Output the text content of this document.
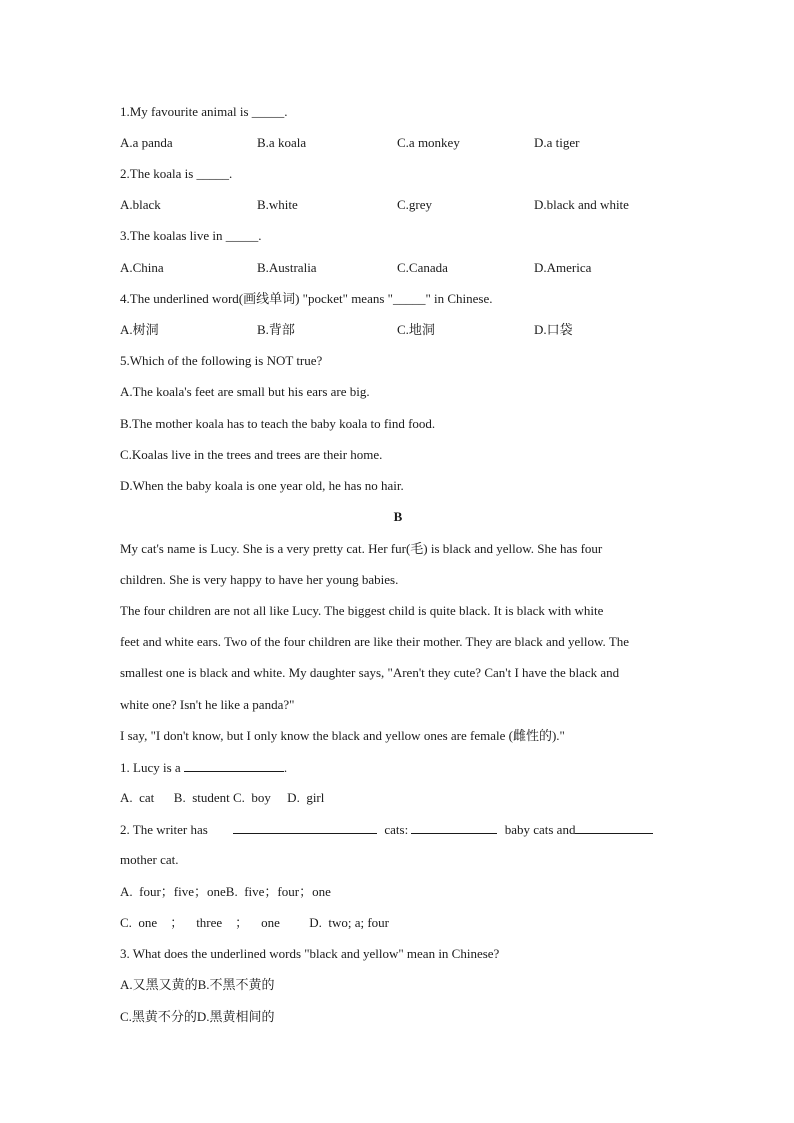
1.My favourite animal is _____.
A.a panda	B.a koala	C.a monkey	D.a tiger
2.The koala is _____.
A.black	B.white	C.grey	D.black and white
3.The koalas live in _____.
A.China	B.Australia	C.Canada	D.America
4.The underlined word(画线单词) "pocket" means "_____" in Chinese.
A.树洞	B.背部	C.地洞	D.口袋
5.Which of the following is NOT true?
A.The koala's feet are small but his ears are big.
B.The mother koala has to teach the baby koala to find food.
C.Koalas live in the trees and trees are their home.
D.When the baby koala is one year old, he has no hair.
B
My cat's name is Lucy. She is a very pretty cat. Her fur(毛) is black and yellow. She has four
children. She is very happy to have her young babies.
The four children are not all like Lucy. The biggest child is quite black. It is black with white
feet and white ears. Two of the four children are like their mother. They are black and yellow. The
smallest one is black and white. My daughter says, "Aren't they cute? Can't I have the black and
white one? Isn't he like a panda?"
I say, "I don't know, but I only know the black and yellow ones are female (雌性的)."
1. Lucy is a	.
A.  cat      B.  student C.  boy     D.  girl
2. The writer has	cats:	baby cats and
mother cat.
A.  four；five；oneB.  five；four；one
C.  one    ；    three    ；    one         D.  two; a; four
3. What does the underlined words "black and yellow" mean in Chinese?
A.又黑又黄的B.不黑不黄的
C.黑黄不分的D.黑黄相间的
